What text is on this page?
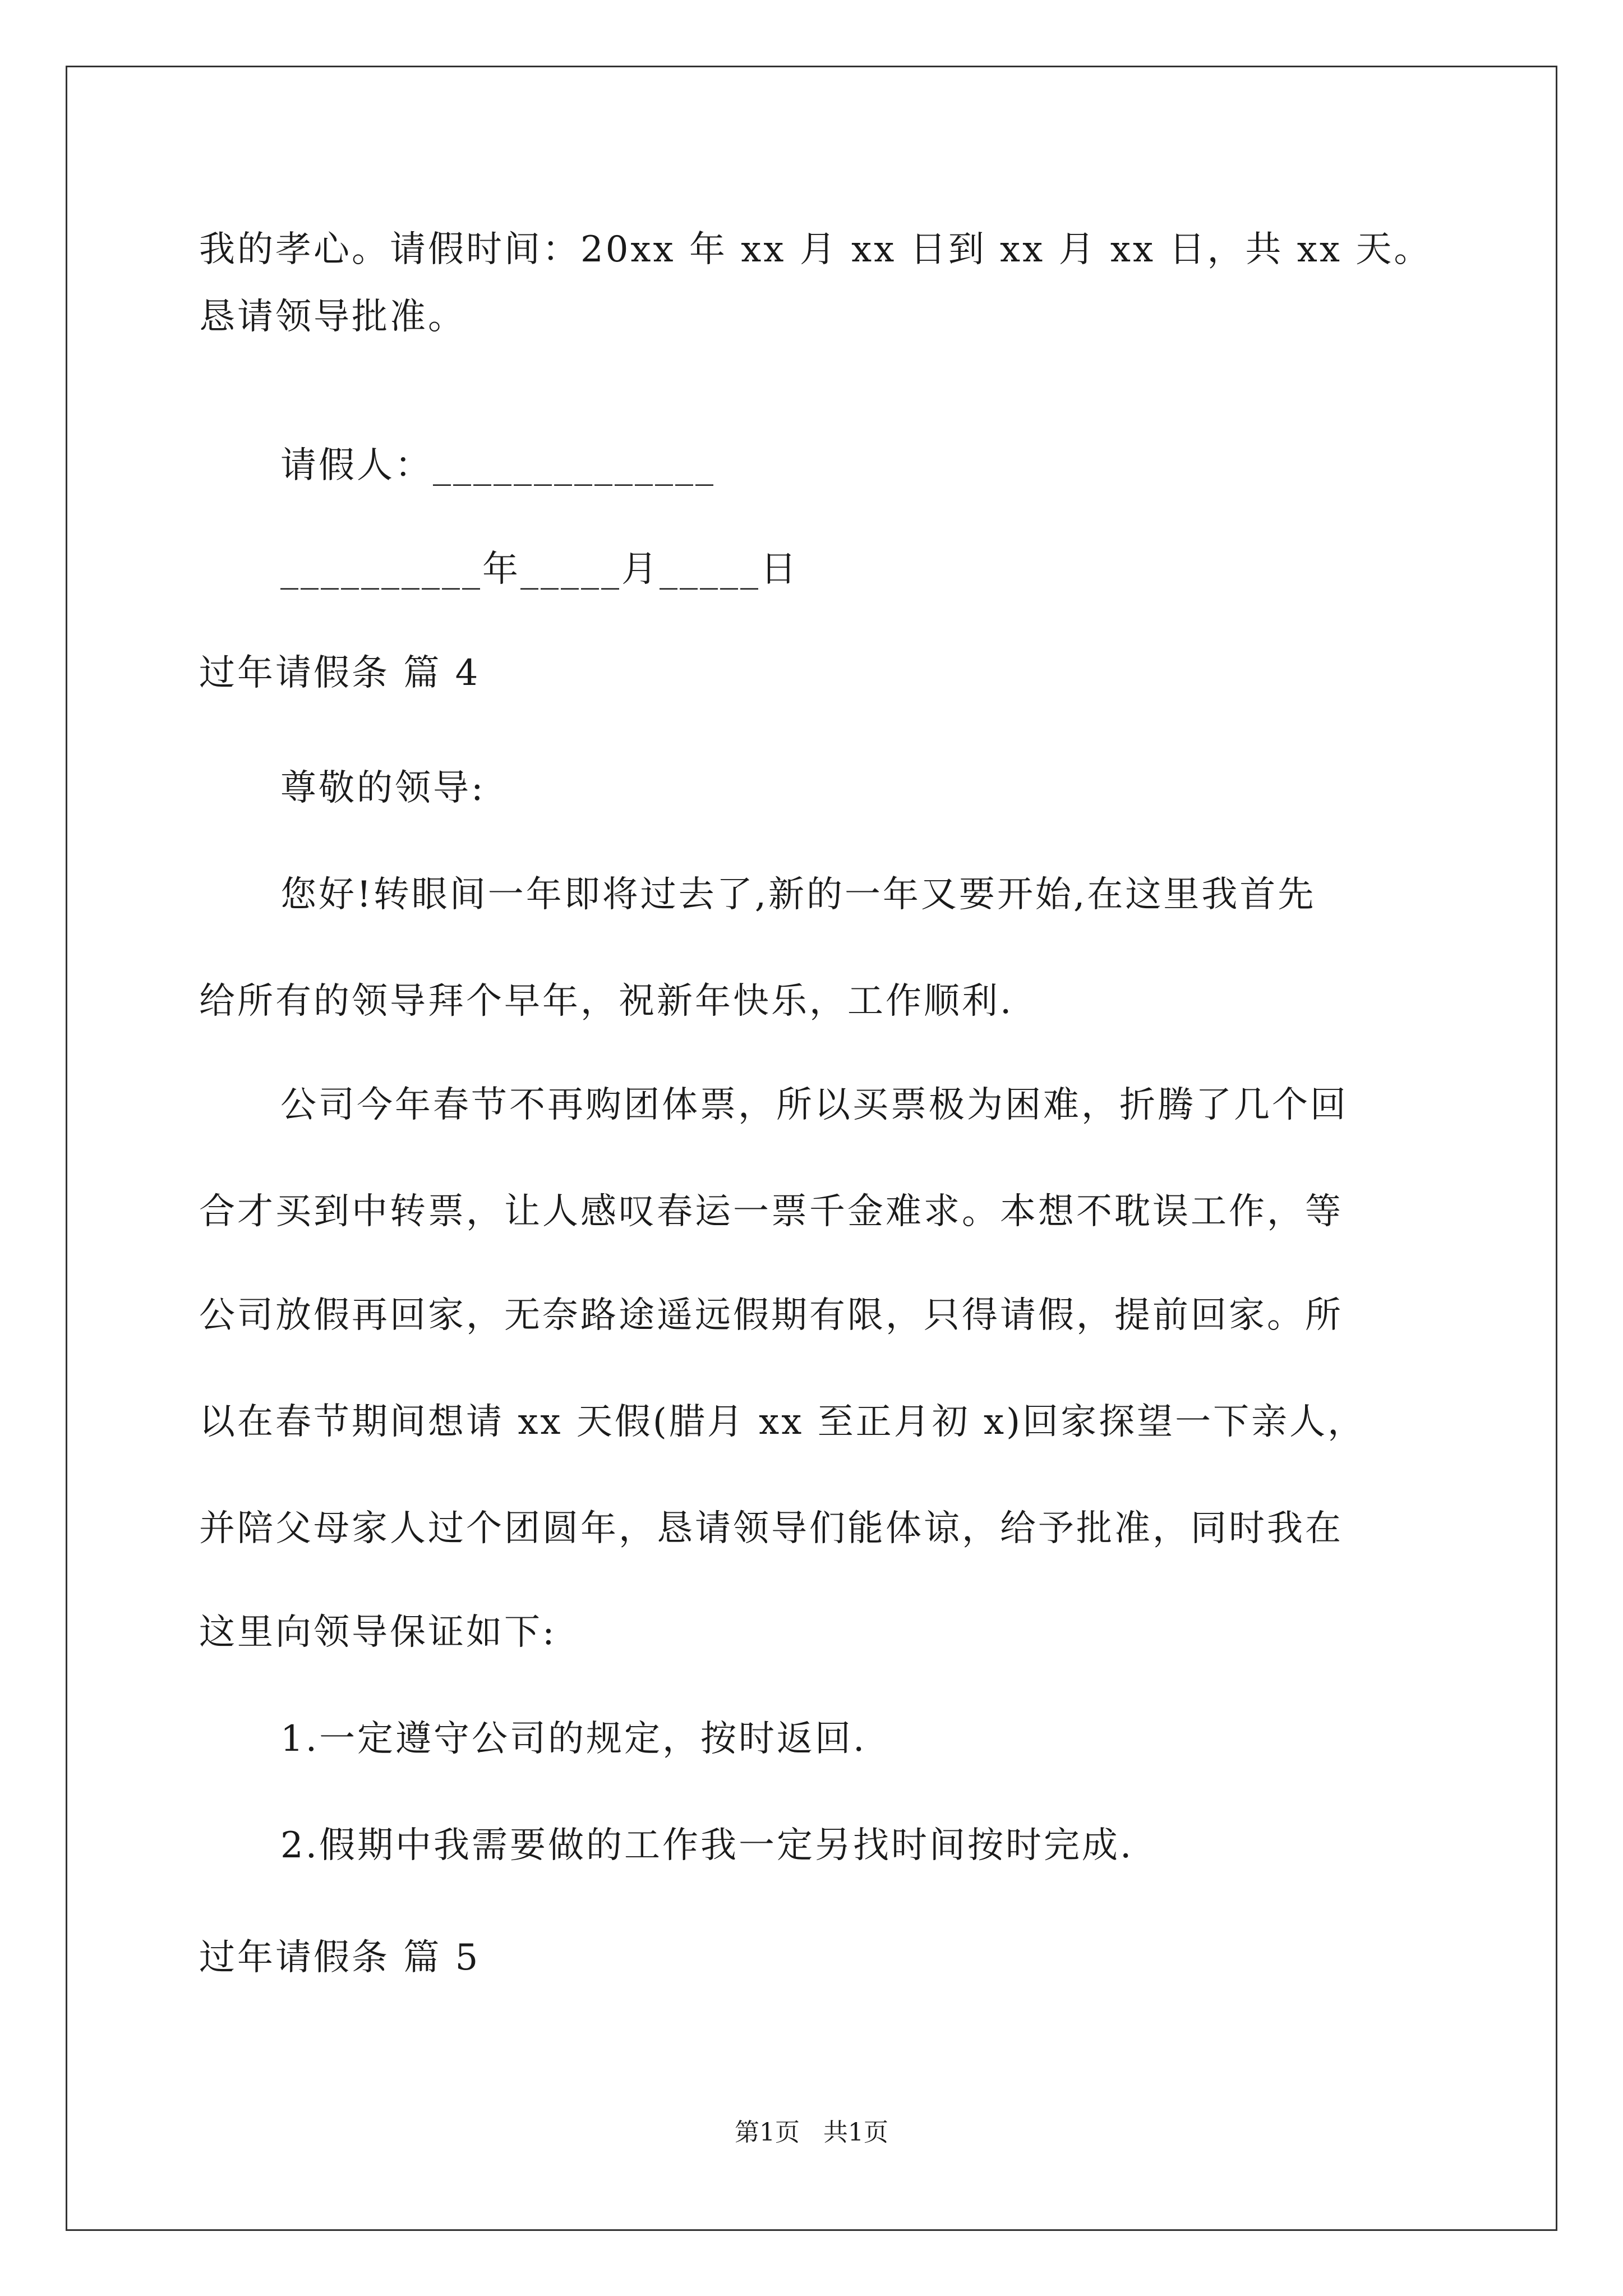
我的孝心。请假时间：20xx 年 xx 月 xx 日到 xx 月 xx 日，共 xx 天。
恳请领导批准。
请假人：______________
__________年_____月_____日
过年请假条 篇 4
尊敬的领导:
您好!转眼间一年即将过去了,新的一年又要开始,在这里我首先
给所有的领导拜个早年，祝新年快乐，工作顺利.
公司今年春节不再购团体票，所以买票极为困难，折腾了几个回
合才买到中转票，让人感叹春运一票千金难求。本想不耽误工作，等
公司放假再回家，无奈路途遥远假期有限，只得请假，提前回家。所
以在春节期间想请 xx 天假(腊月 xx 至正月初 x)回家探望一下亲人，
并陪父母家人过个团圆年，恳请领导们能体谅，给予批准，同时我在
这里向领导保证如下:
1.一定遵守公司的规定，按时返回.
2.假期中我需要做的工作我一定另找时间按时完成.
过年请假条 篇 5
第1页   共1页
